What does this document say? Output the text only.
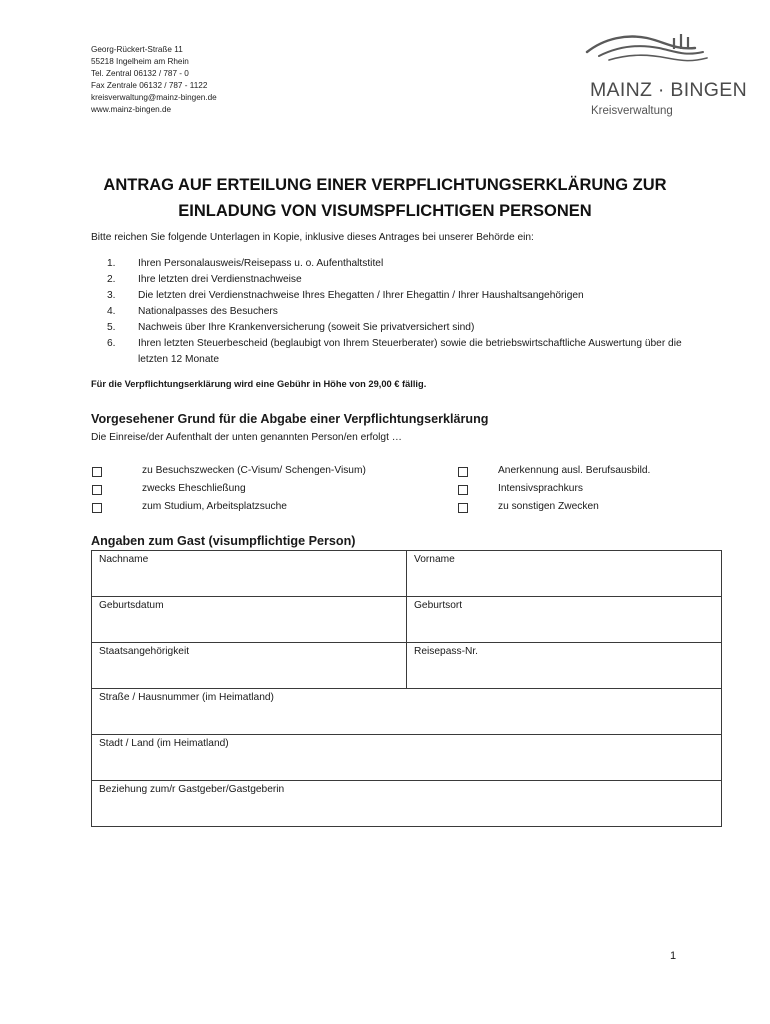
Georg-Rückert-Straße 11
55218 Ingelheim am Rhein
Tel. Zentral 06132 / 787 - 0
Fax Zentrale 06132 / 787 - 1122
kreisverwaltung@mainz-bingen.de
www.mainz-bingen.de
MAINZ · BINGEN
Kreisverwaltung
ANTRAG AUF ERTEILUNG EINER VERPFLICHTUNGSERKLÄRUNG ZUR
EINLADUNG VON VISUMSPFLICHTIGEN PERSONEN
Bitte reichen Sie folgende Unterlagen in Kopie, inklusive dieses Antrages bei unserer Behörde ein:
1. Ihren Personalausweis/Reisepass u. o. Aufenthaltstitel
2. Ihre letzten drei Verdienstnachweise
3. Die letzten drei Verdienstnachweise Ihres Ehegatten / Ihrer Ehegattin / Ihrer Haushaltsangehörigen
4. Nationalpasses des Besuchers
5. Nachweis über Ihre Krankenversicherung (soweit Sie privatversichert sind)
6. Ihren letzten Steuerbescheid (beglaubigt von Ihrem Steuerberater) sowie die betriebswirtschaftliche Auswertung über die letzten 12 Monate
Für die Verpflichtungserklärung wird eine Gebühr in Höhe von 29,00 € fällig.
Vorgesehener Grund für die Abgabe einer Verpflichtungserklärung
Die Einreise/der Aufenthalt der unten genannten Person/en erfolgt …
zu Besuchszwecken (C-Visum/ Schengen-Visum)
zwecks Eheschließung
zum Studium, Arbeitsplatzsuche
Anerkennung ausl. Berufsausbild.
Intensivsprachkurs
zu sonstigen Zwecken
Angaben zum Gast (visumpflichtige Person)
Nachname	Vorname
Geburtsdatum	Geburtsort
Staatsangehörigkeit	Reisepass-Nr.
Straße / Hausnummer (im Heimatland)	
Stadt / Land (im Heimatland)	
Beziehung zum/r Gastgeber/Gastgeberin	
1
